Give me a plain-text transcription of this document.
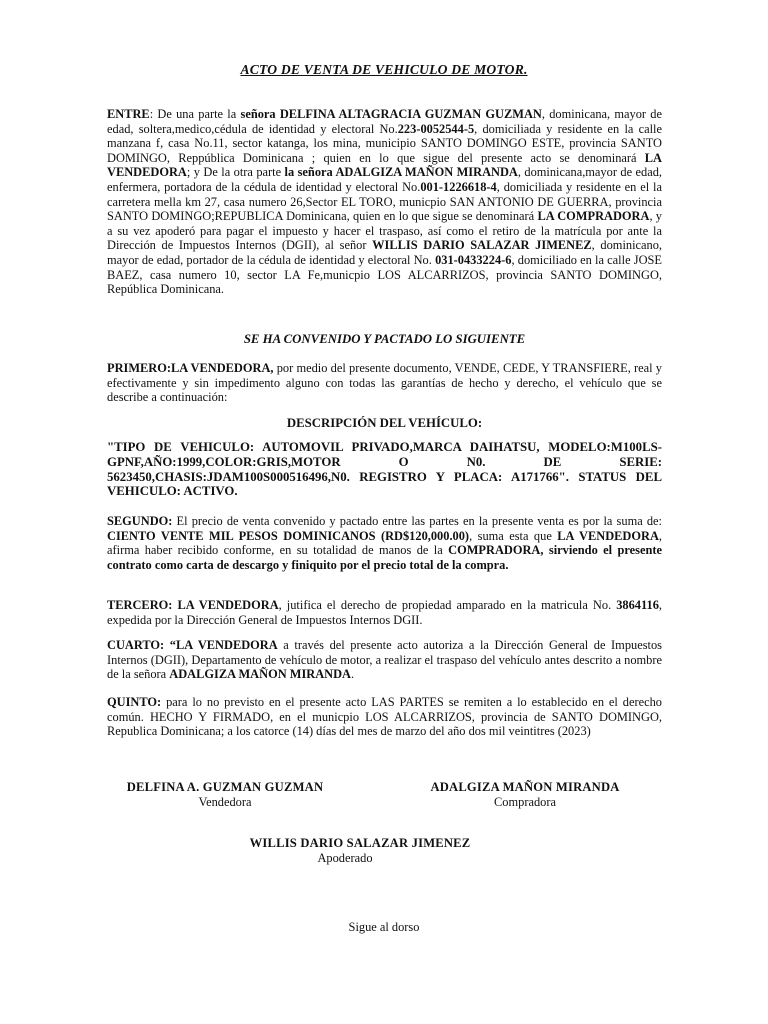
ACTO DE VENTA DE VEHICULO DE MOTOR.
ENTRE: De una parte la señora DELFINA ALTAGRACIA GUZMAN GUZMAN, dominicana, mayor de edad, soltera,medico,cédula de identidad y electoral No.223-0052544-5, domiciliada y residente en la calle manzana f, casa No.11, sector katanga, los mina, municipio SANTO DOMINGO ESTE, provincia SANTO DOMINGO, Reppública Dominicana ; quien en lo que sigue del presente acto se denominará LA VENDEDORA; y De la otra parte la señora ADALGIZA MAÑON MIRANDA, dominicana,mayor de edad, enfermera, portadora de la cédula de identidad y electoral No.001-1226618-4, domiciliada y residente en el la carretera mella km 27, casa numero 26,Sector EL TORO, municpio SAN ANTONIO DE GUERRA, provincia SANTO DOMINGO;REPUBLICA Dominicana, quien en lo que sigue se denominará LA COMPRADORA, y a su vez apoderó para pagar el impuesto y hacer el traspaso, así como el retiro de la matrícula por ante la Dirección de Impuestos Internos (DGII), al señor WILLIS DARIO SALAZAR JIMENEZ, dominicano, mayor de edad, portador de la cédula de identidad y electoral No. 031-0433224-6, domiciliado en la calle JOSE BAEZ, casa numero 10, sector LA Fe,municpio LOS ALCARRIZOS, provincia SANTO DOMINGO, República Dominicana.
SE HA CONVENIDO Y PACTADO LO SIGUIENTE
PRIMERO:LA VENDEDORA, por medio del presente documento, VENDE, CEDE, Y TRANSFIERE, real y efectivamente y sin impedimento alguno con todas las garantías de hecho y derecho, el vehículo que se describe a continuación:
DESCRIPCIÓN DEL VEHÍCULO:
"TIPO DE VEHICULO: AUTOMOVIL PRIVADO,MARCA DAIHATSU, MODELO:M100LS-GPNF,AÑO:1999,COLOR:GRIS,MOTOR O N0. DE SERIE: 5623450,CHASIS:JDAM100S000516496,N0. REGISTRO Y PLACA: A171766". STATUS DEL VEHICULO: ACTIVO.
SEGUNDO: El precio de venta convenido y pactado entre las partes en la presente venta es por la suma de: CIENTO VENTE MIL PESOS DOMINICANOS (RD$120,000.00), suma esta que LA VENDEDORA, afirma haber recibido conforme, en su totalidad de manos de la COMPRADORA, sirviendo el presente contrato como carta de descargo y finiquito por el precio total de la compra.
TERCERO: LA VENDEDORA, jutifica el derecho de propiedad amparado en la matricula No. 3864116, expedida por la Dirección General de Impuestos Internos DGII.
CUARTO: “LA VENDEDORA a través del presente acto autoriza a la Dirección General de Impuestos Internos (DGII), Departamento de vehículo de motor, a realizar el traspaso del vehículo antes descrito a nombre de la señora ADALGIZA MAÑON MIRANDA.
QUINTO: para lo no previsto en el presente acto LAS PARTES se remiten a lo establecido en el derecho común. HECHO Y FIRMADO, en el municpio LOS ALCARRIZOS, provincia de SANTO DOMINGO, Republica Dominicana; a los catorce (14) días del mes de marzo del año dos mil veintitres (2023)
DELFINA A. GUZMAN GUZMAN
Vendedora
ADALGIZA MAÑON MIRANDA
Compradora
WILLIS DARIO SALAZAR JIMENEZ
Apoderado
Sigue al dorso
